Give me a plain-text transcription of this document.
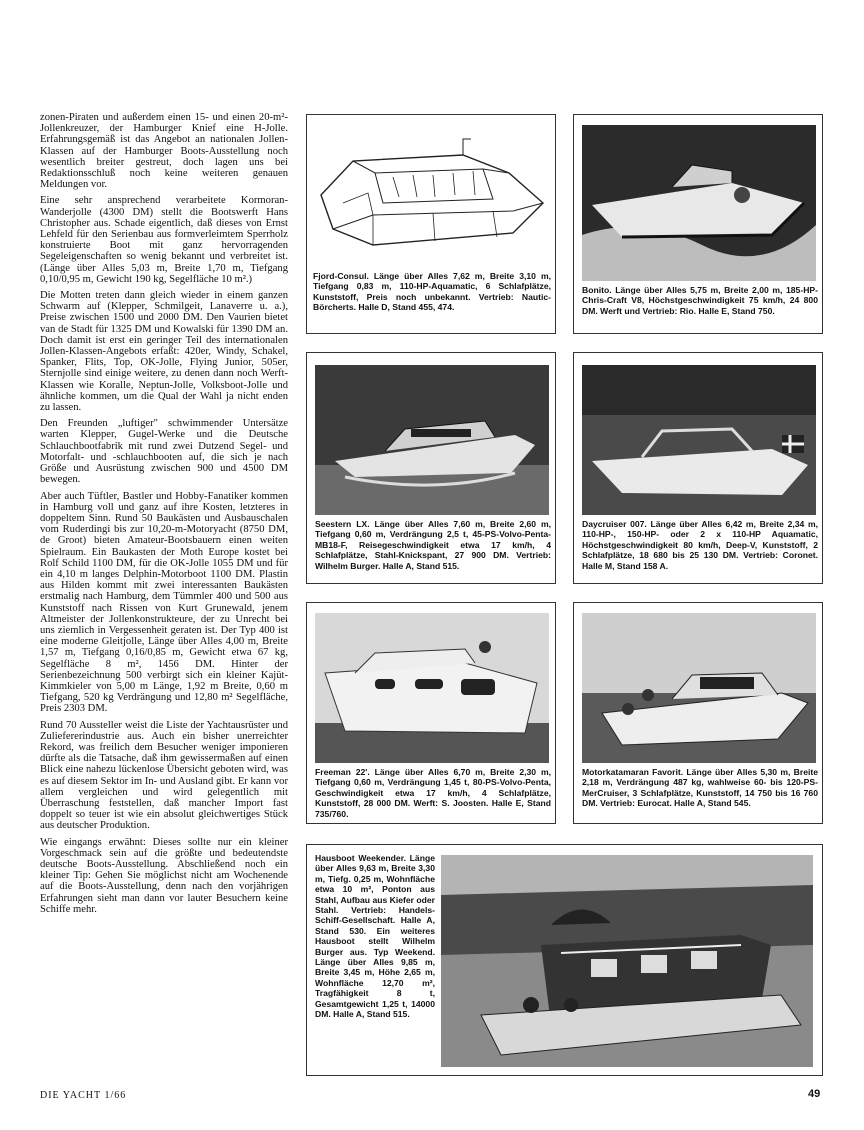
zonen-Piraten und außerdem einen 15- und einen 20-m²-Jollenkreuzer, der Hamburger Knief eine H-Jolle. Erfahrungsgemäß ist das Angebot an nationalen Jollen-Klassen auf der Hamburger Boots-Ausstellung noch wesentlich breiter gestreut, doch lagen uns bei Redaktionsschluß noch keine weiteren genauen Meldungen vor.

Eine sehr ansprechend verarbeitete Kormoran-Wanderjolle (4300 DM) stellt die Bootswerft Hans Christopher aus. Schade eigentlich, daß dieses von Ernst Lehfeld für den Serienbau aus formverleimtem Sperrholz konstruierte Boot mit ganz hervorragenden Segeleigenschaften so wenig bekannt und verbreitet ist. (Länge über Alles 5,03 m, Breite 1,70 m, Tiefgang 0,10/0,95 m, Gewicht 190 kg, Segelfläche 10 m².)

Die Motten treten dann gleich wieder in einem ganzen Schwarm auf (Klepper, Schmilgeit, Lanaverre u. a.), Preise zwischen 1500 und 2000 DM. Den Vaurien bietet van de Stadt für 1325 DM und Kowalski für 1390 DM an. Doch damit ist erst ein geringer Teil des internationalen Jollen-Klassen-Angebots erfaßt: 420er, Windy, Schakel, Spanker, Flits, Top, OK-Jolle, Flying Junior, 505er, Sternjolle sind einige weitere, zu denen dann noch Werft-Klassen wie Koralle, Neptun-Jolle, Volksboot-Jolle und ähnliche kommen, um die Qual der Wahl ja nicht enden zu lassen.

Den Freunden „luftiger" schwimmender Untersätze warten Klepper, Gugel-Werke und die Deutsche Schlauchbootfabrik mit rund zwei Dutzend Segel- und Motorfalt- und -schlauchbooten auf, die sich je nach Größe und Ausrüstung zwischen 900 und 4500 DM bewegen.

Aber auch Tüftler, Bastler und Hobby-Fanatiker kommen in Hamburg voll und ganz auf ihre Kosten, letzteres in doppeltem Sinn. Rund 50 Baukästen und Ausbauschalen vom Ruderdingi bis zur 10,20-m-Motoryacht (8750 DM, de Groot) bieten Amateur-Bootsbauern einen weiten Spielraum. Ein Baukasten der Moth Europe kostet bei Rolf Schild 1100 DM, für die OK-Jolle 1055 DM und für ein 4,10 m langes Delphin-Motorboot 1100 DM. Plastin aus Hilden kommt mit zwei interessanten Baukästen erstmalig nach Hamburg, dem Tümmler 400 und 500 aus Kunststoff nach Rissen von Kurt Grunewald, jenem Altmeister der Jollenkonstrukteure, der zu Unrecht bei uns ziemlich in Vergessenheit geraten ist. Der Typ 400 ist eine moderne Gleitjolle, Länge über Alles 4,00 m, Breite 1,57 m, Tiefgang 0,16/0,85 m, Gewicht etwa 67 kg, Segelfläche 8 m², 1456 DM. Hinter der Serienbezeichnung 500 verbirgt sich ein kleiner Kajüt-Kimmkieler von 5,00 m Länge, 1,92 m Breite, 0,60 m Tiefgang, 520 kg Verdrängung und 12,80 m² Segelfläche, Preis 2303 DM.

Rund 70 Aussteller weist die Liste der Yachtausrüster und Zuliefererindustrie aus. Auch ein bisher unerreichter Rekord, was freilich dem Besucher weniger imponieren dürfte als die Tatsache, daß ihm gewissermaßen auf einen Blick eine nahezu lückenlose Übersicht geboten wird, was es auf diesem Sektor im In- und Ausland gibt. Er kann vor allem vergleichen und wird gelegentlich mit Überraschung feststellen, daß mancher Import fast doppelt so teuer ist wie ein absolut gleichwertiges Stück aus deutscher Produktion.

Wie eingangs erwähnt: Dieses sollte nur ein kleiner Vorgeschmack sein auf die größte und bedeutendste deutsche Boots-Ausstellung. Abschließend noch ein kleiner Tip: Gehen Sie möglichst nicht am Wochenende auf die Boots-Ausstellung, denn nach den vorjährigen Erfahrungen sieht man dann vor lauter Besuchern keine Schiffe mehr.

Fjord-Consul. Länge über Alles 7,62 m, Breite 3,10 m, Tiefgang 0,83 m, 110-HP-Aquamatic, 6 Schlafplätze, Kunststoff, Preis noch unbekannt. Vertrieb: Nautic-Börcherts. Halle D, Stand 455, 474.
Bonito. Länge über Alles 5,75 m, Breite 2,00 m, 185-HP-Chris-Craft V8, Höchstgeschwindigkeit 75 km/h, 24 800 DM. Werft und Vertrieb: Rio. Halle E, Stand 750.
Seestern LX. Länge über Alles 7,60 m, Breite 2,60 m, Tiefgang 0,60 m, Verdrängung 2,5 t, 45-PS-Volvo-Penta-MB18-F, Reisegeschwindigkeit etwa 17 km/h, 4 Schlafplätze, Stahl-Knickspant, 27 900 DM. Vertrieb: Wilhelm Burger. Halle A, Stand 515.
Daycruiser 007. Länge über Alles 6,42 m, Breite 2,34 m, 110-HP-, 150-HP- oder 2 x 110-HP Aquamatic, Höchstgeschwindigkeit 80 km/h, Deep-V, Kunststoff, 2 Schlafplätze, 18 680 bis 25 130 DM. Vertrieb: Coronet. Halle M, Stand 158 A.
Freeman 22'. Länge über Alles 6,70 m, Breite 2,30 m, Tiefgang 0,60 m, Verdrängung 1,45 t, 80-PS-Volvo-Penta, Geschwindigkeit etwa 17 km/h, 4 Schlafplätze, Kunststoff, 28 000 DM. Werft: S. Joosten. Halle E, Stand 735/760.
Motorkatamaran Favorit. Länge über Alles 5,30 m, Breite 2,18 m, Verdrängung 487 kg, wahlweise 60- bis 120-PS-MerCruiser, 3 Schlafplätze, Kunststoff, 14 750 bis 16 760 DM. Vertrieb: Eurocat. Halle A, Stand 545.
Hausboot Weekender. Länge über Alles 9,63 m, Breite 3,30 m, Tiefg. 0,25 m, Wohnfläche etwa 10 m², Ponton aus Stahl, Aufbau aus Kiefer oder Stahl. Vertrieb: Handels-Schiff-Gesellschaft. Halle A, Stand 530. Ein weiteres Hausboot stellt Wilhelm Burger aus. Typ Weekend. Länge über Alles 9,85 m, Breite 3,45 m, Höhe 2,65 m, Wohnfläche 12,70 m², Tragfähigkeit 8 t, Gesamtgewicht 1,25 t, 14000 DM. Halle A, Stand 515.
DIE YACHT 1/66	49
